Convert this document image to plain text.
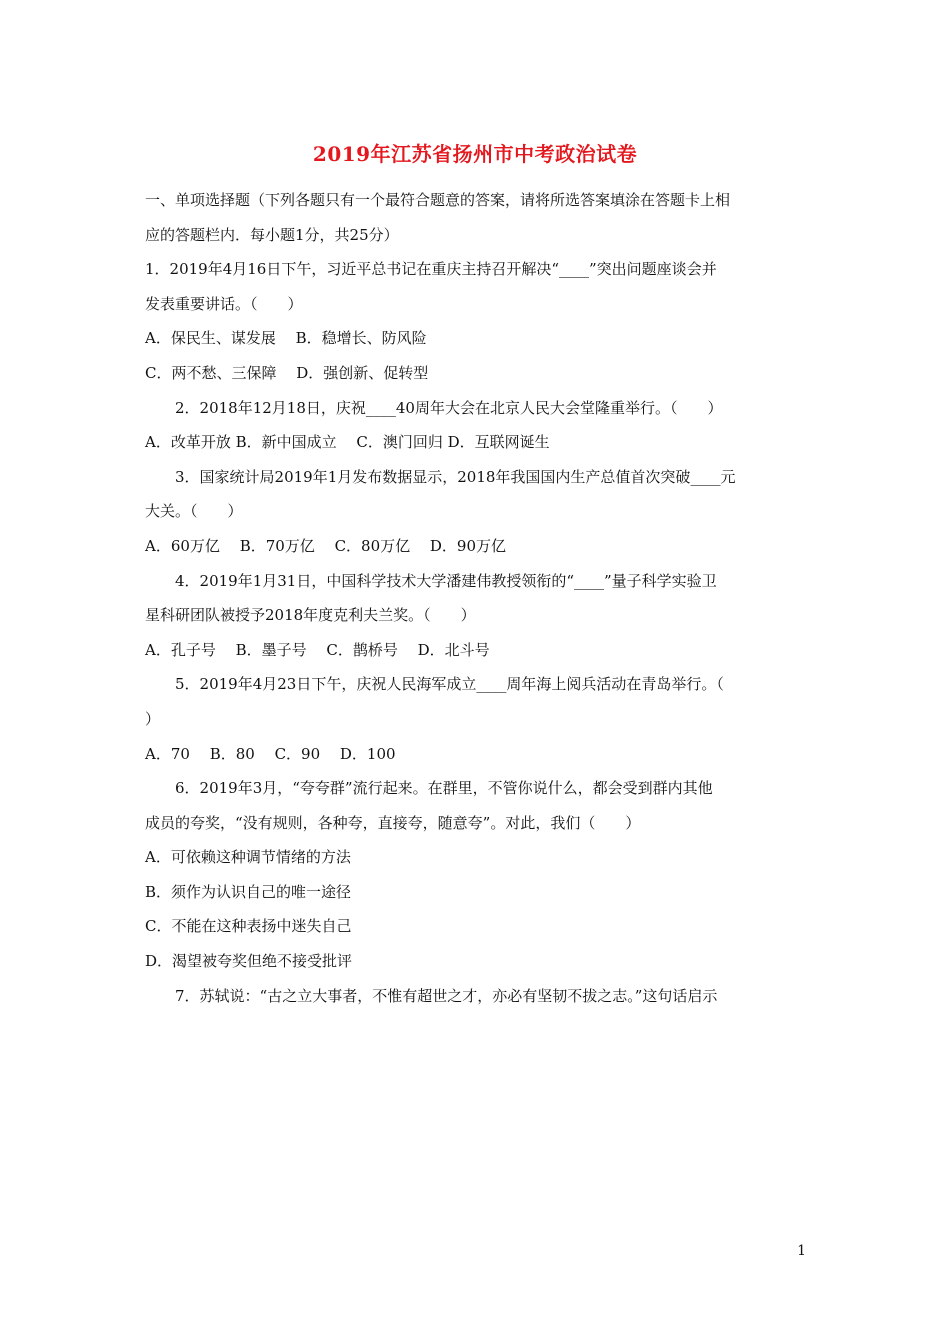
2019年江苏省扬州市中考政治试卷
一、单项选择题（下列各题只有一个最符合题意的答案，请将所选答案填涂在答题卡上相
应的答题栏内．每小题1分，共25分）
1．2019年4月16日下午，习近平总书记在重庆主持召开解决“____”突出问题座谈会并
发表重要讲话。（　　）
A．保民生、谋发展　 B．稳增长、防风险
C．两不愁、三保障　 D．强创新、促转型
2．2018年12月18日，庆祝____40周年大会在北京人民大会堂隆重举行。（　　）
A．改革开放 B．新中国成立　 C．澳门回归 D．互联网诞生
3．国家统计局2019年1月发布数据显示，2018年我国国内生产总值首次突破____元
大关。（　　）
A．60万亿　 B．70万亿　 C．80万亿　 D．90万亿
4．2019年1月31日，中国科学技术大学潘建伟教授领衔的“____”量子科学实验卫
星科研团队被授予2018年度克利夫兰奖。（　　）
A．孔子号　 B．墨子号　 C．鹊桥号　 D．北斗号
5．2019年4月23日下午，庆祝人民海军成立____周年海上阅兵活动在青岛举行。（
）
A．70　 B．80　 C．90　 D．100
6．2019年3月，“夸夸群”流行起来。在群里，不管你说什么，都会受到群内其他
成员的夸奖，“没有规则，各种夸，直接夸，随意夸”。对此，我们（　　）
A．可依赖这种调节情绪的方法
B．须作为认识自己的唯一途径
C．不能在这种表扬中迷失自己
D．渴望被夸奖但绝不接受批评
7．苏轼说：“古之立大事者，不惟有超世之才，亦必有坚韧不拔之志。”这句话启示
1
